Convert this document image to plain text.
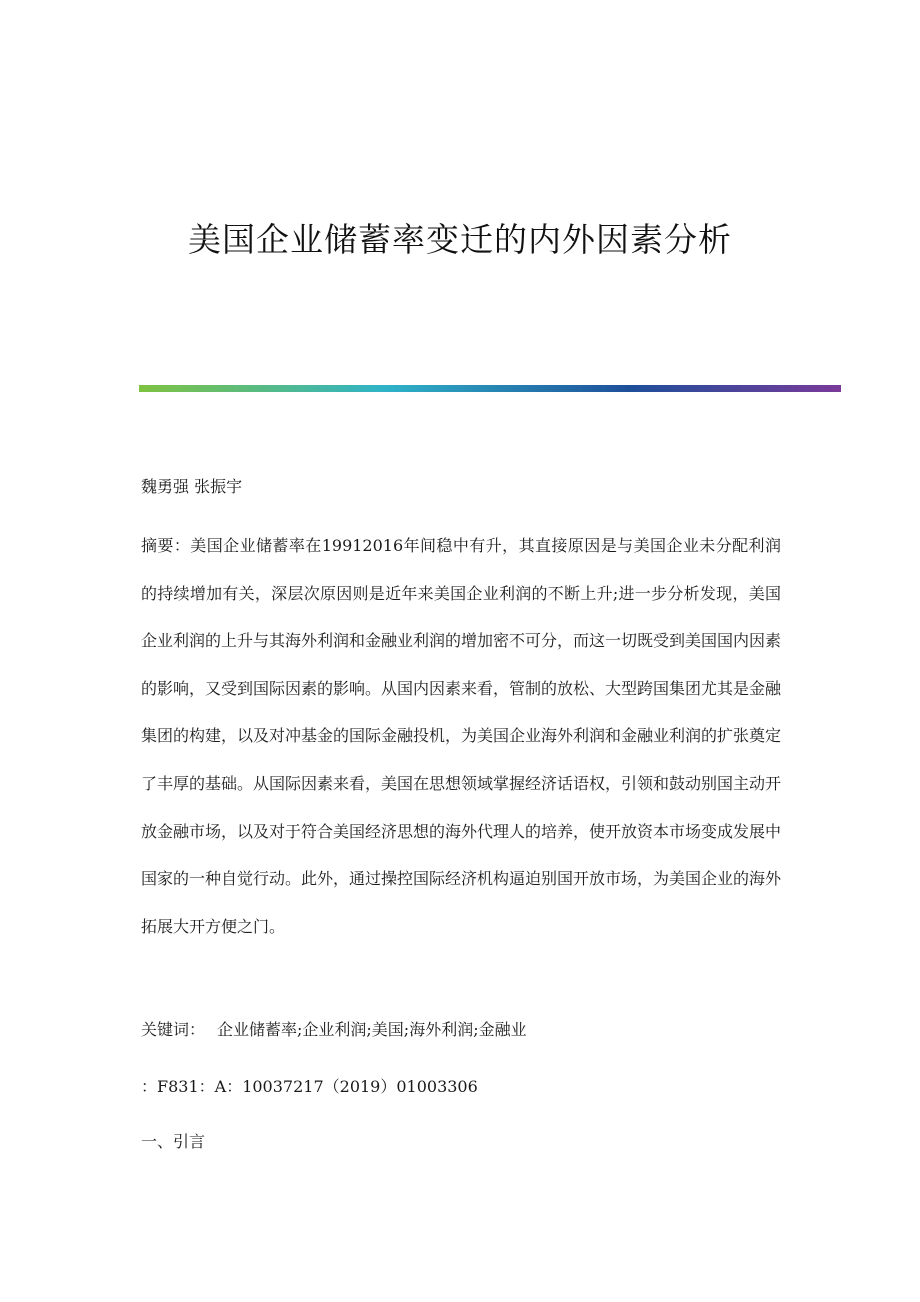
美国企业储蓄率变迁的内外因素分析
魏勇强 张振宇
摘要：美国企业储蓄率在19912016年间稳中有升，其直接原因是与美国企业未分配利润的持续增加有关，深层次原因则是近年来美国企业利润的不断上升;进一步分析发现，美国企业利润的上升与其海外利润和金融业利润的增加密不可分，而这一切既受到美国国内因素的影响，又受到国际因素的影响。从国内因素来看，管制的放松、大型跨国集团尤其是金融集团的构建，以及对冲基金的国际金融投机，为美国企业海外利润和金融业利润的扩张奠定了丰厚的基础。从国际因素来看，美国在思想领域掌握经济话语权，引领和鼓动别国主动开放金融市场，以及对于符合美国经济思想的海外代理人的培养，使开放资本市场变成发展中国家的一种自觉行动。此外，通过操控国际经济机构逼迫别国开放市场，为美国企业的海外拓展大开方便之门。
关键词： 企业储蓄率;企业利润;美国;海外利润;金融业
：F831：A：10037217（2019）01003306
一、引言
